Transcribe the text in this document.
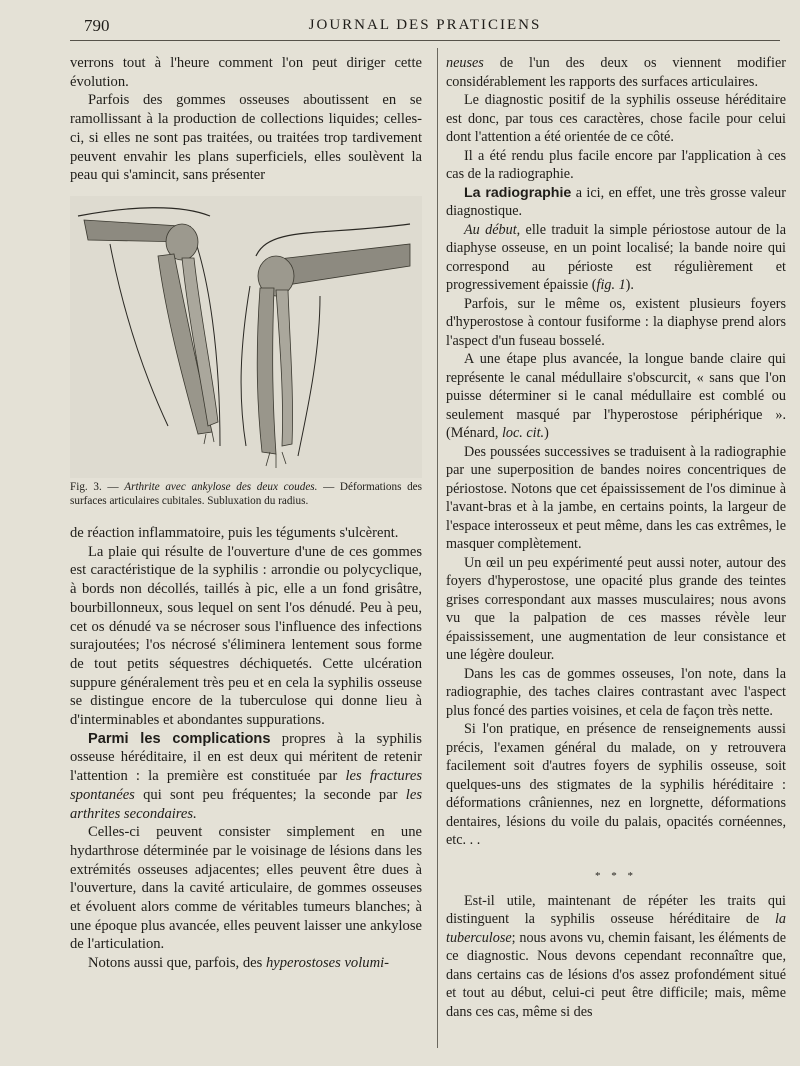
790	JOURNAL DES PRATICIENS

verrons tout à l'heure comment l'on peut diriger cette évolution.

Parfois des gommes osseuses aboutissent en se ramollissant à la production de collections liquides; celles-ci, si elles ne sont pas traitées, ou traitées trop tardivement peuvent envahir les plans superficiels, elles soulèvent la peau qui s'amincit, sans présenter

Fig. 3. — Arthrite avec ankylose des deux coudes. — Déformations des surfaces articulaires cubitales. Subluxation du radius.

de réaction inflammatoire, puis les téguments s'ulcèrent.

La plaie qui résulte de l'ouverture d'une de ces gommes est caractéristique de la syphilis : arrondie ou polycyclique, à bords non décollés, taillés à pic, elle a un fond grisâtre, bourbillonneux, sous lequel on sent l'os dénudé. Peu à peu, cet os dénudé va se nécroser sous l'influence des infections surajoutées; l'os nécrosé s'éliminera lentement sous forme de tout petits séquestres déchiquetés. Cette ulcération suppure généralement très peu et en cela la syphilis osseuse se distingue encore de la tuberculose qui donne lieu à d'interminables et abondantes suppurations.

Parmi les complications propres à la syphilis osseuse héréditaire, il en est deux qui méritent de retenir l'attention : la première est constituée par les fractures spontanées qui sont peu fréquentes; la seconde par les arthrites secondaires.

Celles-ci peuvent consister simplement en une hydarthrose déterminée par le voisinage de lésions dans les extrémités osseuses adjacentes; elles peuvent être dues à l'ouverture, dans la cavité articulaire, de gommes osseuses et évoluent alors comme de véritables tumeurs blanches; à une époque plus avancée, elles peuvent laisser une ankylose de l'articulation.

Notons aussi que, parfois, des hyperostoses volumi-

neuses de l'un des deux os viennent modifier considérablement les rapports des surfaces articulaires.

Le diagnostic positif de la syphilis osseuse héréditaire est donc, par tous ces caractères, chose facile pour celui dont l'attention a été orientée de ce côté.

Il a été rendu plus facile encore par l'application à ces cas de la radiographie.

La radiographie a ici, en effet, une très grosse valeur diagnostique.

Au début, elle traduit la simple périostose autour de la diaphyse osseuse, en un point localisé; la bande noire qui correspond au périoste est régulièrement et progressivement épaissie (fig. 1).

Parfois, sur le même os, existent plusieurs foyers d'hyperostose à contour fusiforme : la diaphyse prend alors l'aspect d'un fuseau bosselé.

A une étape plus avancée, la longue bande claire qui représente le canal médullaire s'obscurcit, « sans que l'on puisse déterminer si le canal médullaire est comblé ou seulement masqué par l'hyperostose périphérique ». (Ménard, loc. cit.)

Des poussées successives se traduisent à la radiographie par une superposition de bandes noires concentriques de périostose. Notons que cet épaississement de l'os diminue à l'avant-bras et à la jambe, en certains points, la largeur de l'espace interosseux et peut même, dans les cas extrêmes, le masquer complètement.

Un œil un peu expérimenté peut aussi noter, autour des foyers d'hyperostose, une opacité plus grande des teintes grises correspondant aux masses musculaires; nous avons vu que la palpation de ces masses révèle leur épaississement, une augmentation de leur consistance et une légère douleur.

Dans les cas de gommes osseuses, l'on note, dans la radiographie, des taches claires contrastant avec l'aspect plus foncé des parties voisines, et cela de façon très nette.

Si l'on pratique, en présence de renseignements aussi précis, l'examen général du malade, on y retrouvera facilement soit d'autres foyers de syphilis osseuse, soit quelques-uns des stigmates de la syphilis héréditaire : déformations crâniennes, nez en lorgnette, déformations dentaires, lésions du voile du palais, opacités cornéennes, etc. . .

* * *

Est-il utile, maintenant de répéter les traits qui distinguent la syphilis osseuse héréditaire de la tuberculose; nous avons vu, chemin faisant, les éléments de ce diagnostic. Nous devons cependant reconnaître que, dans certains cas de lésions d'os assez profondément situé et tout au début, celui-ci peut être difficile; mais, même dans ces cas, même si des
